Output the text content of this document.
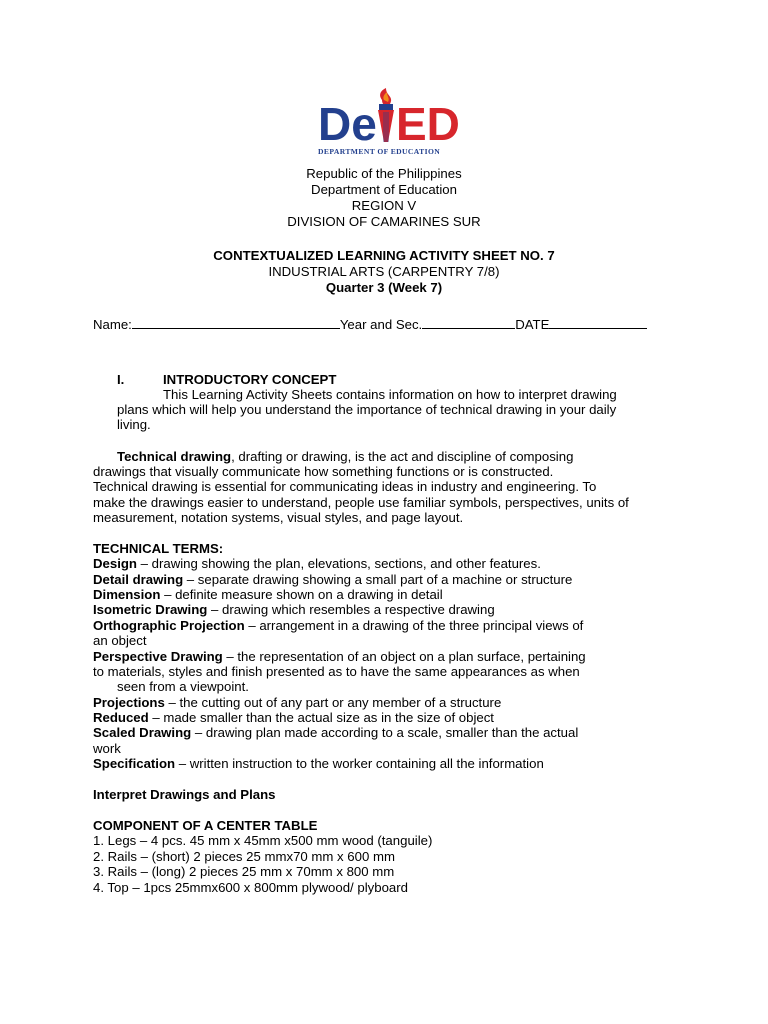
De ED
DEPARTMENT OF EDUCATION
Republic of the Philippines
Department of Education
REGION V
DIVISION OF CAMARINES SUR
CONTEXTUALIZED LEARNING ACTIVITY SHEET NO. 7
INDUSTRIAL ARTS (CARPENTRY 7/8)
Quarter 3 (Week 7)
Name:	Year and Sec.	DATE
I.	INTRODUCTORY CONCEPT
This Learning Activity Sheets contains information on how to interpret drawing
plans which will help you understand the importance of technical drawing in your daily
living.
Technical drawing, drafting or drawing, is the act and discipline of composing
drawings that visually communicate how something functions or is constructed.
Technical drawing is essential for communicating ideas in industry and engineering. To
make the drawings easier to understand, people use familiar symbols, perspectives, units of
measurement, notation systems, visual styles, and page layout.
TECHNICAL TERMS:
Design – drawing showing the plan, elevations, sections, and other features.
Detail drawing – separate drawing showing a small part of a machine or structure
Dimension – definite measure shown on a drawing in detail
Isometric Drawing – drawing which resembles a respective drawing
Orthographic Projection – arrangement in a drawing of the three principal views of
an object
Perspective Drawing – the representation of an object on a plan surface, pertaining
to materials, styles and finish presented as to have the same appearances as when
seen from a viewpoint.
Projections – the cutting out of any part or any member of a structure
Reduced – made smaller than the actual size as in the size of object
Scaled Drawing – drawing plan made according to a scale, smaller than the actual
work
Specification – written instruction to the worker containing all the information
Interpret Drawings and Plans
COMPONENT OF A CENTER TABLE
1. Legs – 4 pcs. 45 mm x 45mm x500 mm wood (tanguile)
2. Rails – (short) 2 pieces 25 mmx70 mm x 600 mm
3. Rails – (long) 2 pieces 25 mm x 70mm x 800 mm
4. Top – 1pcs 25mmx600 x 800mm plywood/ plyboard
